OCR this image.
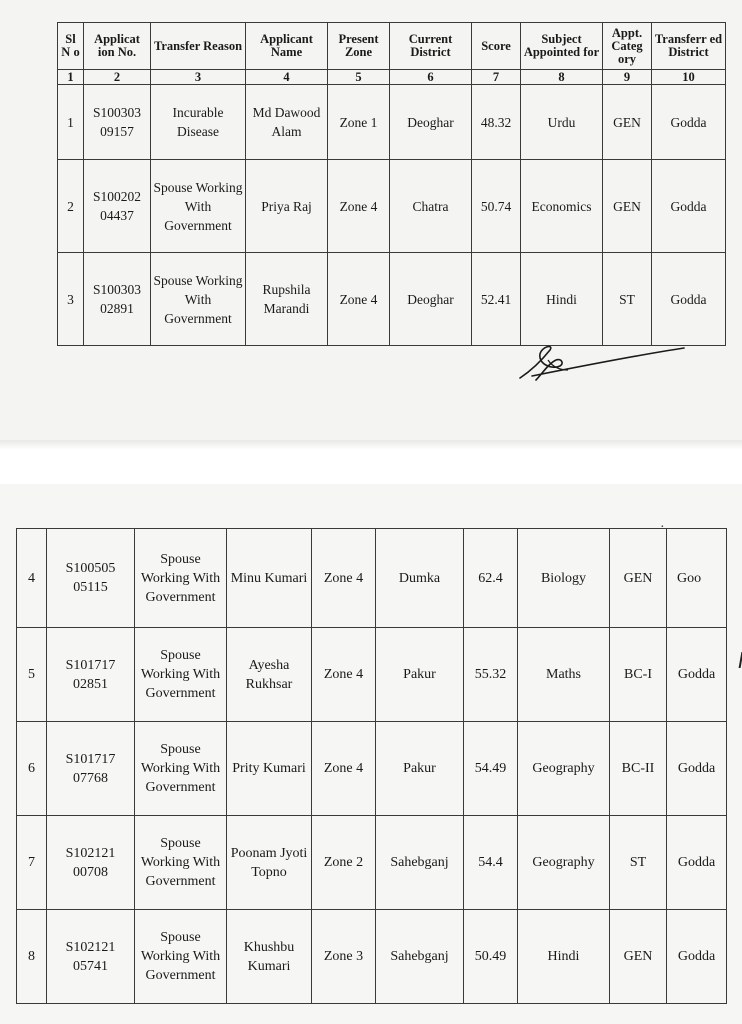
Sl N o	Applicat ion No.	Transfer Reason	Applicant Name	Present Zone	Current District	Score	Subject Appointed for	Appt. Categ ory	Transferr ed District
1	2	3	4	5	6	7	8	9	10
1	S100303 09157	Incurable Disease	Md Dawood Alam	Zone 1	Deoghar	48.32	Urdu	GEN	Godda
2	S100202 04437	Spouse Working With Government	Priya Raj	Zone 4	Chatra	50.74	Economics	GEN	Godda
3	S100303 02891	Spouse Working With Government	Rupshila Marandi	Zone 4	Deoghar	52.41	Hindi	ST	Godda
4	S100505 05115	Spouse Working With Government	Minu Kumari	Zone 4	Dumka	62.4	Biology	GEN	Goo
5	S101717 02851	Spouse Working With Government	Ayesha Rukhsar	Zone 4	Pakur	55.32	Maths	BC-I	Godda
6	S101717 07768	Spouse Working With Government	Prity Kumari	Zone 4	Pakur	54.49	Geography	BC-II	Godda
7	S102121 00708	Spouse Working With Government	Poonam Jyoti Topno	Zone 2	Sahebganj	54.4	Geography	ST	Godda
8	S102121 05741	Spouse Working With Government	Khushbu Kumari	Zone 3	Sahebganj	50.49	Hindi	GEN	Godda
·
